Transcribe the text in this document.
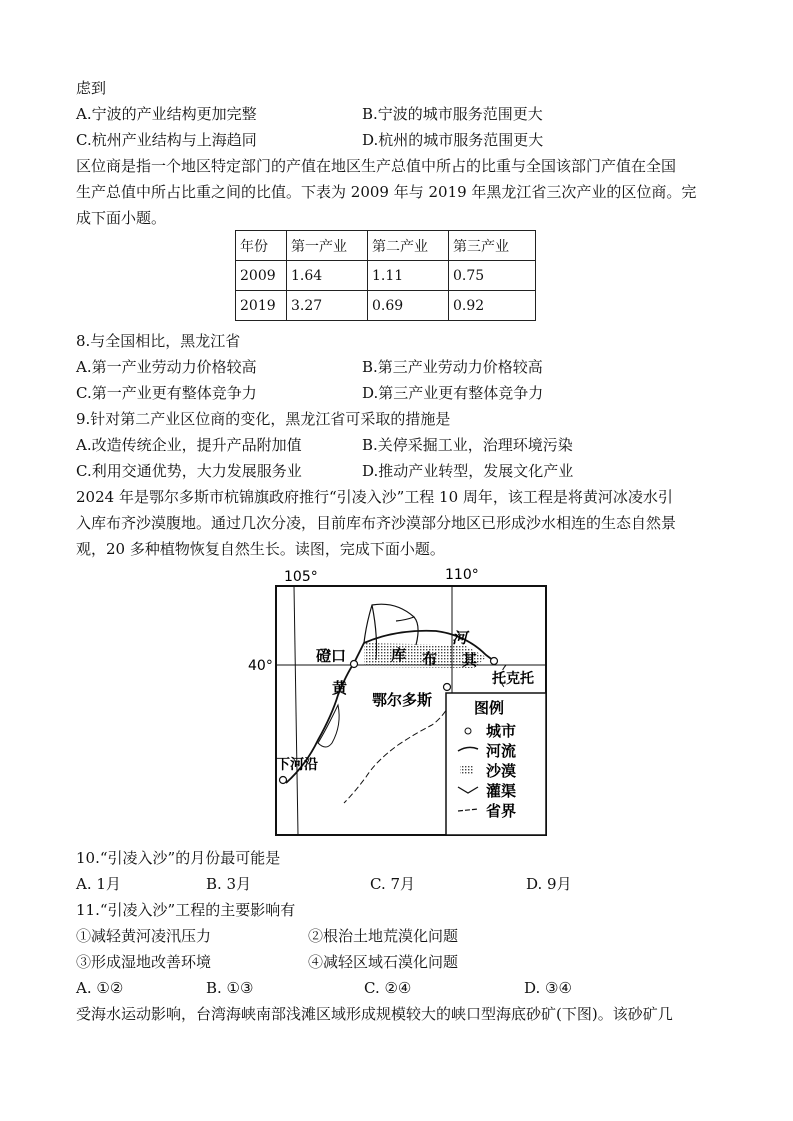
虑到
A.宁波的产业结构更加完整	B.宁波的城市服务范围更大
C.杭州产业结构与上海趋同	D.杭州的城市服务范围更大
区位商是指一个地区特定部门的产值在地区生产总值中所占的比重与全国该部门产值在全国
生产总值中所占比重之间的比值。下表为 2009 年与 2019 年黑龙江省三次产业的区位商。完
成下面小题。
年份	第一产业	第二产业	第三产业
2009	1.64	1.11	0.75
2019	3.27	0.69	0.92
8.与全国相比，黑龙江省
A.第一产业劳动力价格较高	B.第三产业劳动力价格较高
C.第一产业更有整体竞争力	D.第三产业更有整体竞争力
9.针对第二产业区位商的变化，黑龙江省可采取的措施是
A.改造传统企业，提升产品附加值	B.关停采掘工业，治理环境污染
C.利用交通优势，大力发展服务业	D.推动产业转型，发展文化产业
2024 年是鄂尔多斯市杭锦旗政府推行“引凌入沙”工程 10 周年，该工程是将黄河冰凌水引
入库布齐沙漠腹地。通过几次分凌，目前库布齐沙漠部分地区已形成沙水相连的生态自然景
观，20 多种植物恢复自然生长。读图，完成下面小题。
105°	110°
40°
磴口	库 布 其
河
黄	托克托
鄂尔多斯
下河沿
图例
城市
河流
沙漠
灌渠
省界
10.“引凌入沙”的月份最可能是
A. 1月	B. 3月	C. 7月	D. 9月
11.“引凌入沙”工程的主要影响有
①减轻黄河凌汛压力	②根治土地荒漠化问题
③形成湿地改善环境	④减轻区域石漠化问题
A. ①②	B. ①③	C. ②④	D. ③④
受海水运动影响，台湾海峡南部浅滩区域形成规模较大的峡口型海底砂矿(下图)。该砂矿几
